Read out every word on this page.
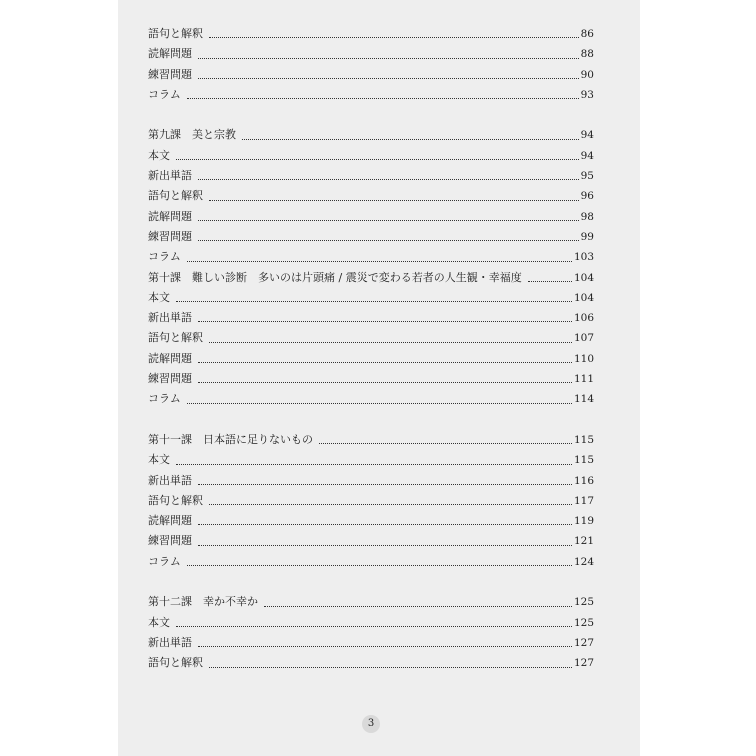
語句と解釈	86
読解問題	88
練習問題	90
コラム	93
第九課　美と宗教	94
本文	94
新出単語	95
語句と解釈	96
読解問題	98
練習問題	99
コラム	103
第十課　難しい診断　多いのは片頭痛 / 震災で変わる若者の人生観・幸福度	104
本文	104
新出単語	106
語句と解釈	107
読解問題	110
練習問題	111
コラム	114
第十一課　日本語に足りないもの	115
本文	115
新出単語	116
語句と解釈	117
読解問題	119
練習問題	121
コラム	124
第十二課　幸か不幸か	125
本文	125
新出単語	127
語句と解釈	127
3
